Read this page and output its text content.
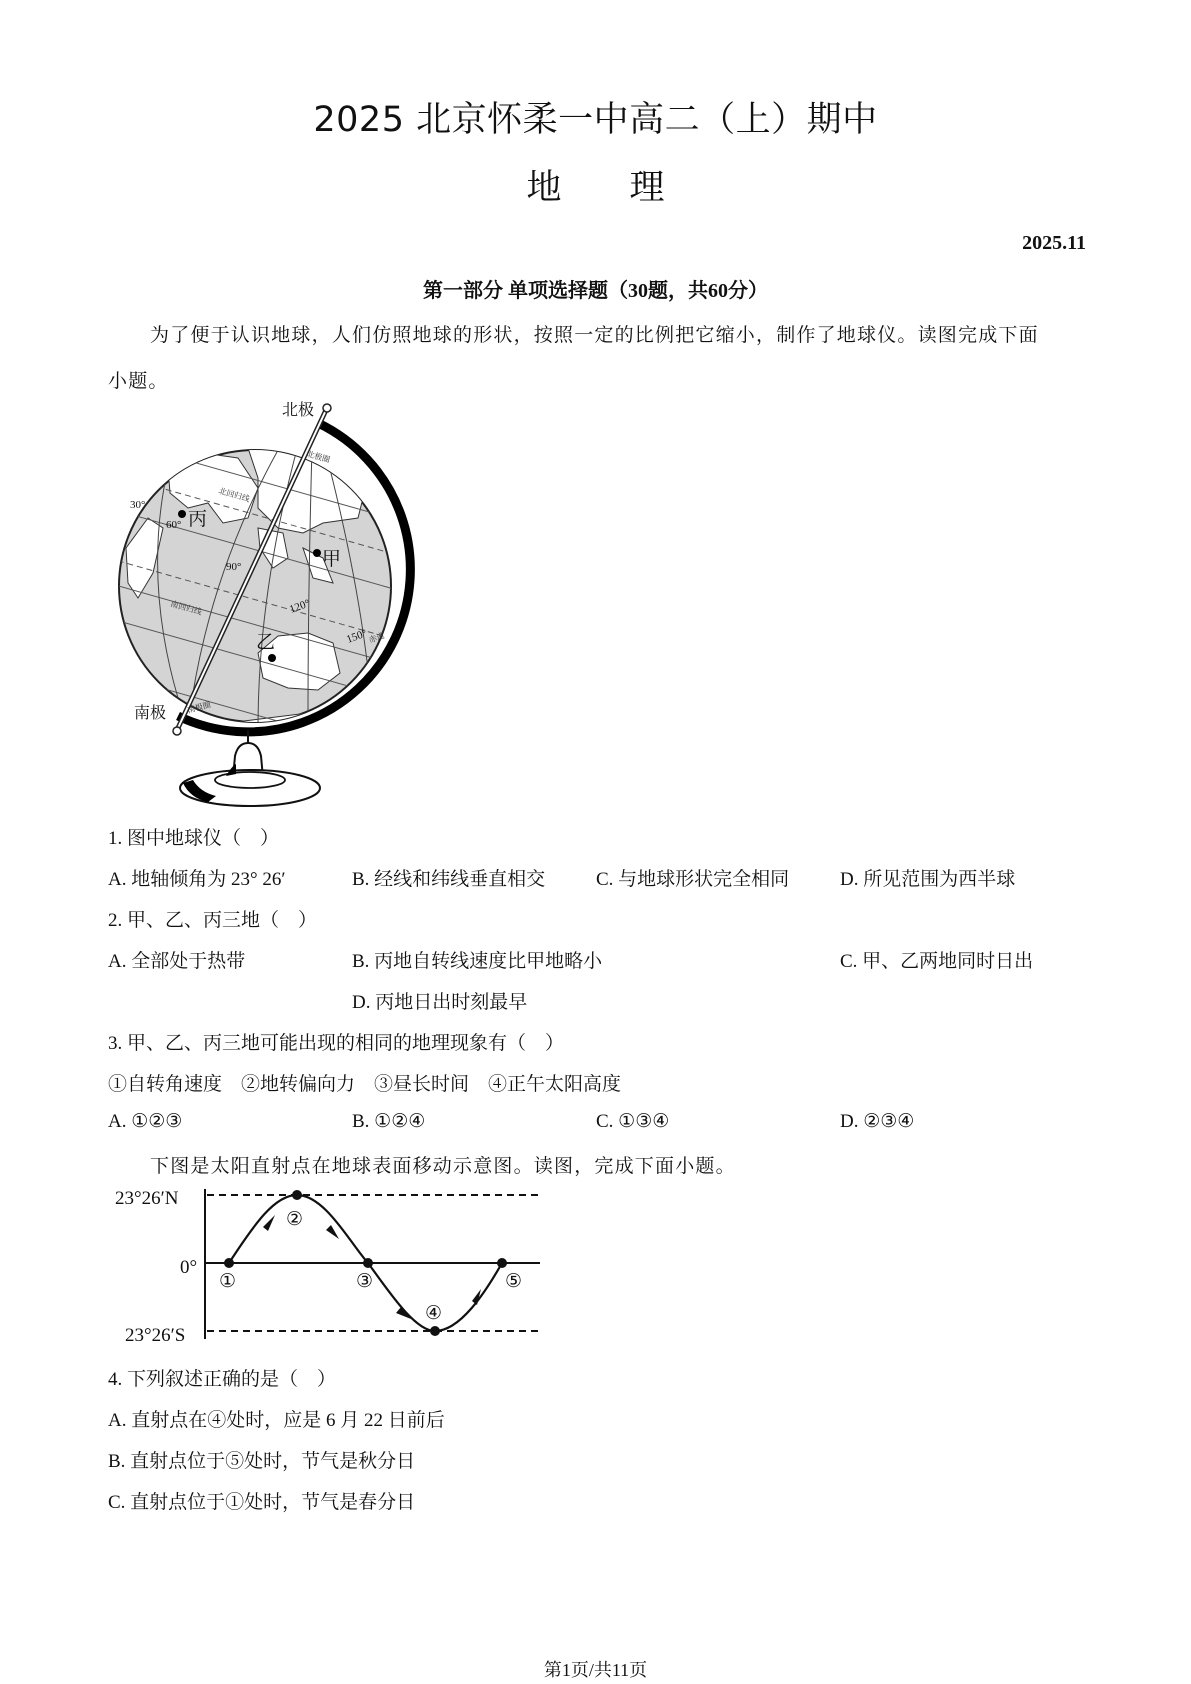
2025 北京怀柔一中高二（上）期中
地 理
2025.11
第一部分 单项选择题（30题，共60分）
为了便于认识地球，人们仿照地球的形状，按照一定的比例把它缩小，制作了地球仪。读图完成下面
小题。
北极
南极
北极圈
北回归线
赤道
南回归线
南极圈
30°
60°
90°
120°
150°
丙
甲
乙
1. 图中地球仪（　）
A. 地轴倾角为 23° 26′	B. 经线和纬线垂直相交	C. 与地球形状完全相同	D. 所见范围为西半球
2. 甲、乙、丙三地（　）
A. 全部处于热带	B. 丙地自转线速度比甲地略小	C. 甲、乙两地同时日出
D. 丙地日出时刻最早
3. 甲、乙、丙三地可能出现的相同的地理现象有（　）
①自转角速度　②地转偏向力　③昼长时间　④正午太阳高度
A. ①②③	B. ①②④	C. ①③④	D. ②③④
下图是太阳直射点在地球表面移动示意图。读图，完成下面小题。
23°26′N
0°
23°26′S
①
②
③
④
⑤
4. 下列叙述正确的是（　）
A. 直射点在④处时，应是 6 月 22 日前后
B. 直射点位于⑤处时，节气是秋分日
C. 直射点位于①处时，节气是春分日
第1页/共11页
